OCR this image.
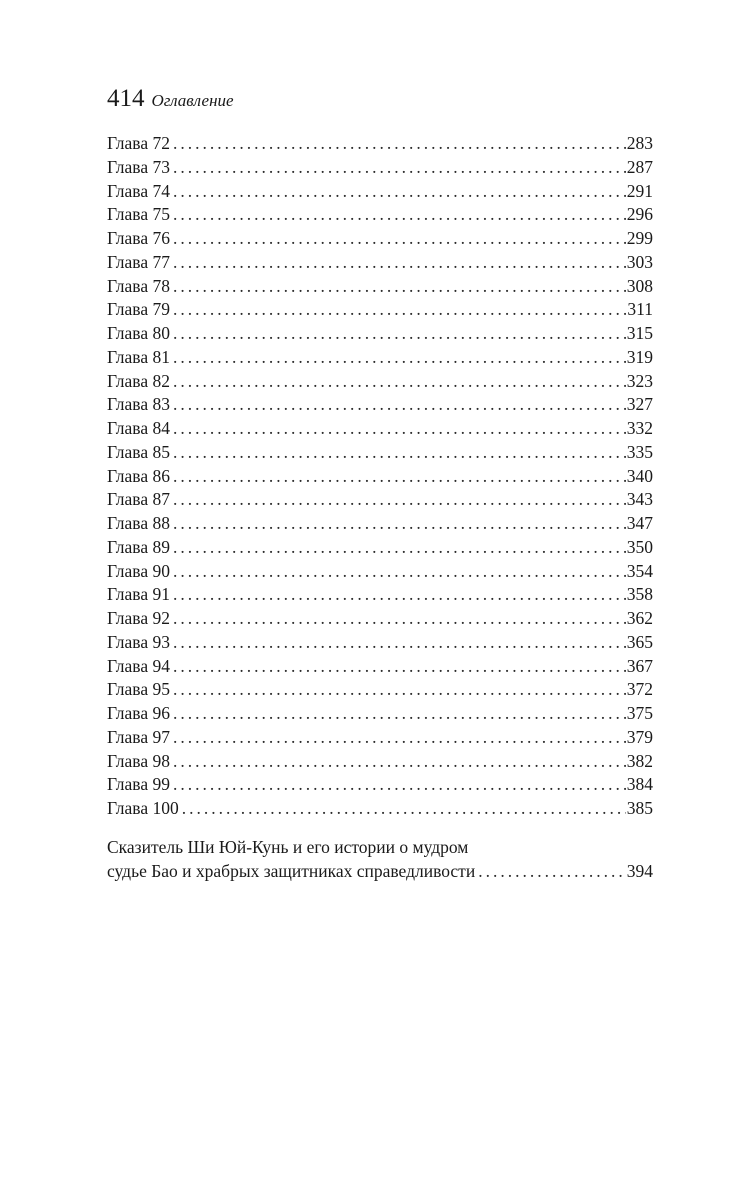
414 Оглавление
Глава 72 .....	283
Глава 73 .....	287
Глава 74 .....	291
Глава 75 .....	296
Глава 76 .....	299
Глава 77 .....	303
Глава 78 .....	308
Глава 79 .....	311
Глава 80 .....	315
Глава 81 .....	319
Глава 82 .....	323
Глава 83 .....	327
Глава 84 .....	332
Глава 85 .....	335
Глава 86 .....	340
Глава 87 .....	343
Глава 88 .....	347
Глава 89 .....	350
Глава 90 .....	354
Глава 91 .....	358
Глава 92 .....	362
Глава 93 .....	365
Глава 94 .....	367
Глава 95 .....	372
Глава 96 .....	375
Глава 97 .....	379
Глава 98 .....	382
Глава 99 .....	384
Глава 100 .....	385
Сказитель Ши Юй-Кунь и его истории о мудром
судье Бао и храбрых защитниках справедливости .....	394
